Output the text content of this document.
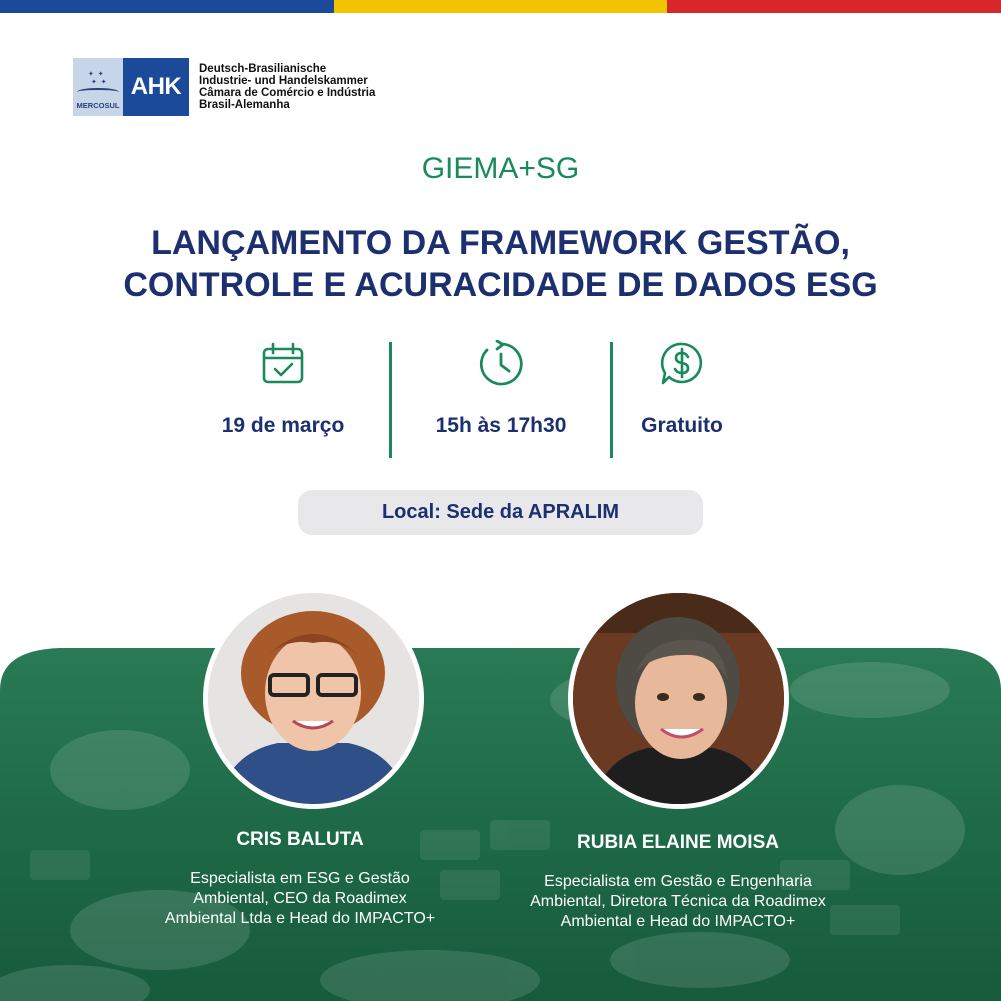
✦ ✦
✦ ✦
MERCOSUL
AHK
Deutsch-Brasilianische
Industrie- und Handelskammer
Câmara de Comércio e Indústria
Brasil-Alemanha
GIEMA+SG
LANÇAMENTO DA FRAMEWORK GESTÃO,
CONTROLE E ACURACIDADE DE DADOS ESG
19 de março	15h às 17h30	Gratuito
Local: Sede da APRALIM
CRIS BALUTA
Especialista em ESG e Gestão
Ambiental, CEO da Roadimex
Ambiental Ltda e Head do IMPACTO+
RUBIA ELAINE MOISA
Especialista em Gestão e Engenharia
Ambiental, Diretora Técnica da Roadimex
Ambiental e Head do IMPACTO+
